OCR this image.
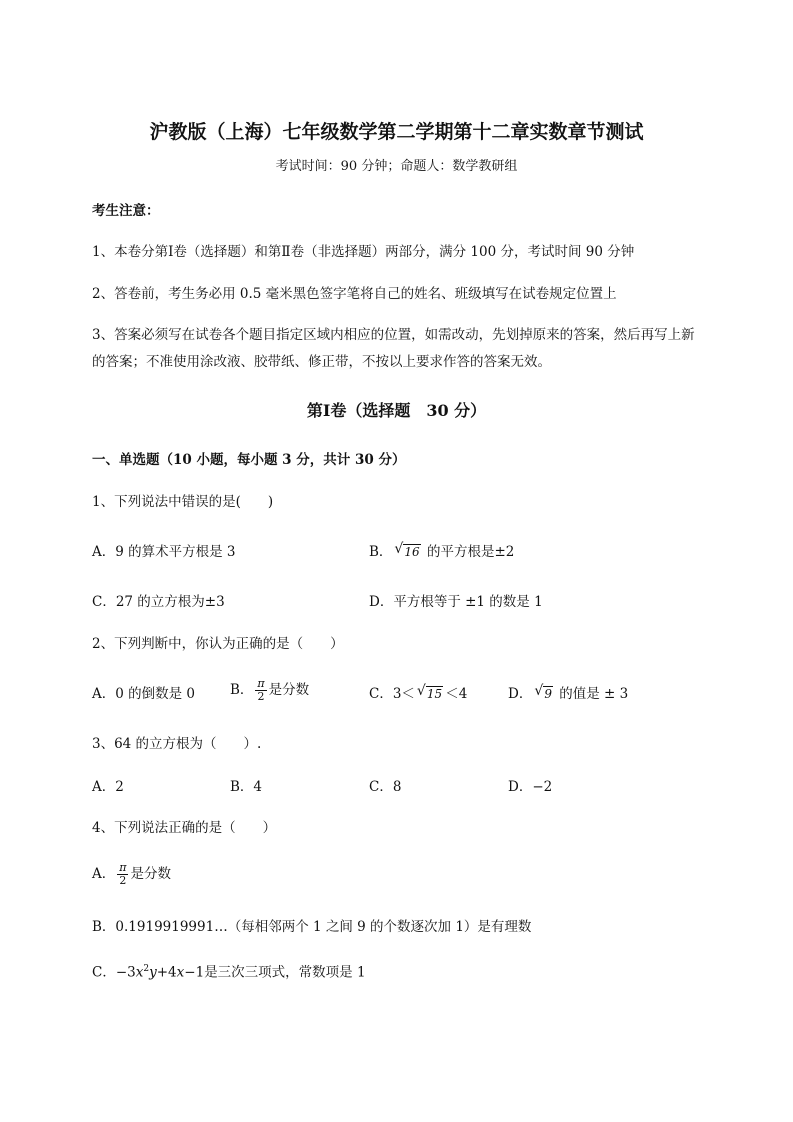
沪教版（上海）七年级数学第二学期第十二章实数章节测试
考试时间：90 分钟；命题人：数学教研组
考生注意：
1、本卷分第Ⅰ卷（选择题）和第Ⅱ卷（非选择题）两部分，满分 100 分，考试时间 90 分钟
2、答卷前，考生务必用 0.5 毫米黑色签字笔将自己的姓名、班级填写在试卷规定位置上
3、答案必须写在试卷各个题目指定区域内相应的位置，如需改动，先划掉原来的答案，然后再写上新
的答案；不准使用涂改液、胶带纸、修正带，不按以上要求作答的答案无效。
第Ⅰ卷（选择题　30 分）
一、单选题（10 小题，每小题 3 分，共计 30 分）
1、下列说法中错误的是(　　)
A．9 的算术平方根是 3	B． √ 16 的平方根是±2
C．27 的立方根为±3	D．平方根等于 ±1 的数是 1
2、下列判断中，你认为正确的是（　　）
A．0 的倒数是 0	B． $\frac{\pi}{2}$ 是分数	C．3＜ √ 15 ＜4	D． √ 9 的值是 ± 3
3、64 的立方根为（　　）.
A．2	B．4	C．8	D．−2
4、下列说法正确的是（　　）
A． $\frac{\pi}{2}$ 是分数
B．0.1919919991…（每相邻两个 1 之间 9 的个数逐次加 1）是有理数
C．$-3x^2y+4x-1$是三次三项式，常数项是 1
